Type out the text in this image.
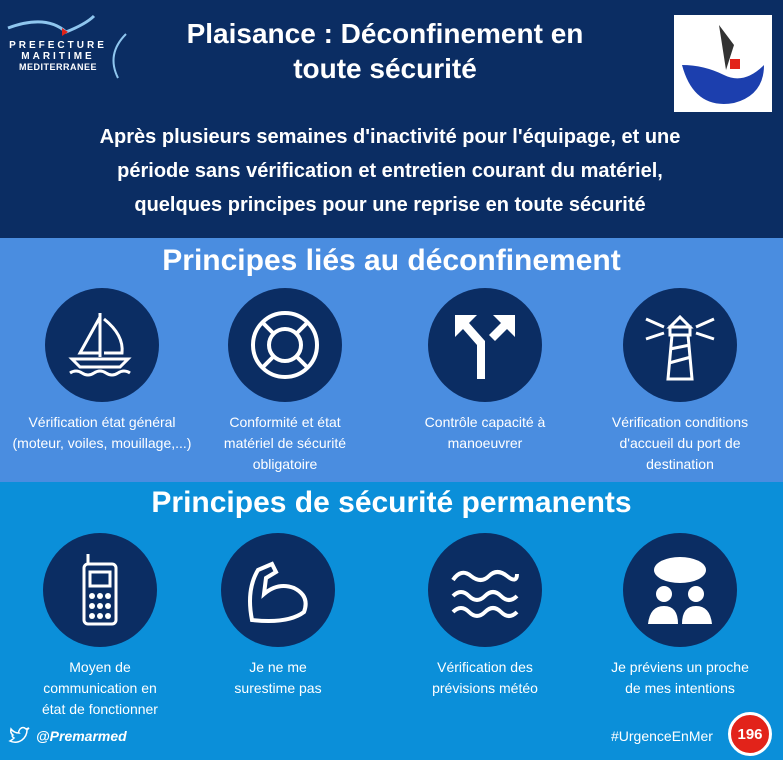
PREFECTURE
MARITIME
MEDITERRANEE
Plaisance : Déconfinement en
toute sécurité
Après plusieurs semaines d'inactivité pour l'équipage, et une
période sans vérification et entretien courant du matériel,
quelques principes pour une reprise en toute sécurité
Principes liés au déconfinement
Vérification état général
(moteur, voiles, mouillage,...)
Conformité et état
matériel de sécurité
obligatoire
Contrôle capacité à
manoeuvrer
Vérification conditions
d'accueil du port de
destination
Principes de sécurité permanents
Moyen de
communication en
état de fonctionner
Je ne me
surestime pas
Vérification des
prévisions météo
Je préviens un proche
de mes intentions
@Premarmed	#UrgenceEnMer 196
